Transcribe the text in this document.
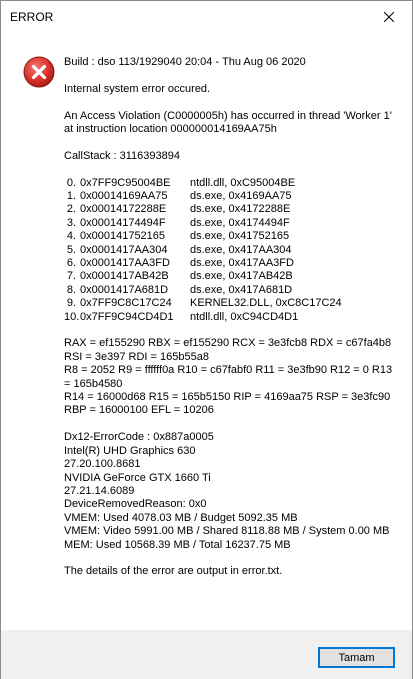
ERROR
Build : dso 113/1929040 20:04 - Thu Aug 06 2020
Internal system error occured.
An Access Violation (C0000005h) has occurred in thread 'Worker 1' at instruction location 000000014169AA75h
CallStack : 3116393894
0. 0x7FF9C95004BE	ntdll.dll, 0xC95004BE
1. 0x00014169AA75	ds.exe, 0x4169AA75
2. 0x00014172288E	ds.exe, 0x4172288E
3. 0x00014174494F	ds.exe, 0x4174494F
4. 0x000141752165	ds.exe, 0x41752165
5. 0x0001417AA304	ds.exe, 0x417AA304
6. 0x0001417AA3FD	ds.exe, 0x417AA3FD
7. 0x0001417AB42B	ds.exe, 0x417AB42B
8. 0x0001417A681D	ds.exe, 0x417A681D
9. 0x7FF9C8C17C24	KERNEL32.DLL, 0xC8C17C24
10. 0x7FF9C94CD4D1	ntdll.dll, 0xC94CD4D1
RAX = ef155290 RBX = ef155290 RCX = 3e3fcb8 RDX = c67fa4b8 RSI = 3e397 RDI = 165b55a8
R8 = 2052 R9 = ffffff0a R10 = c67fabf0 R11 = 3e3fb90 R12 = 0 R13 = 165b4580
R14 = 16000d68 R15 = 165b5150 RIP = 4169aa75 RSP = 3e3fc90 RBP = 16000100 EFL = 10206
Dx12-ErrorCode : 0x887a0005
Intel(R) UHD Graphics 630
27.20.100.8681
NVIDIA GeForce GTX 1660 Ti
27.21.14.6089
DeviceRemovedReason: 0x0
VMEM: Used 4078.03 MB / Budget 5092.35 MB
VMEM: Video 5991.00 MB / Shared 8118.88 MB / System 0.00 MB
MEM: Used 10568.39 MB / Total 16237.75 MB
The details of the error are output in error.txt.
Tamam
